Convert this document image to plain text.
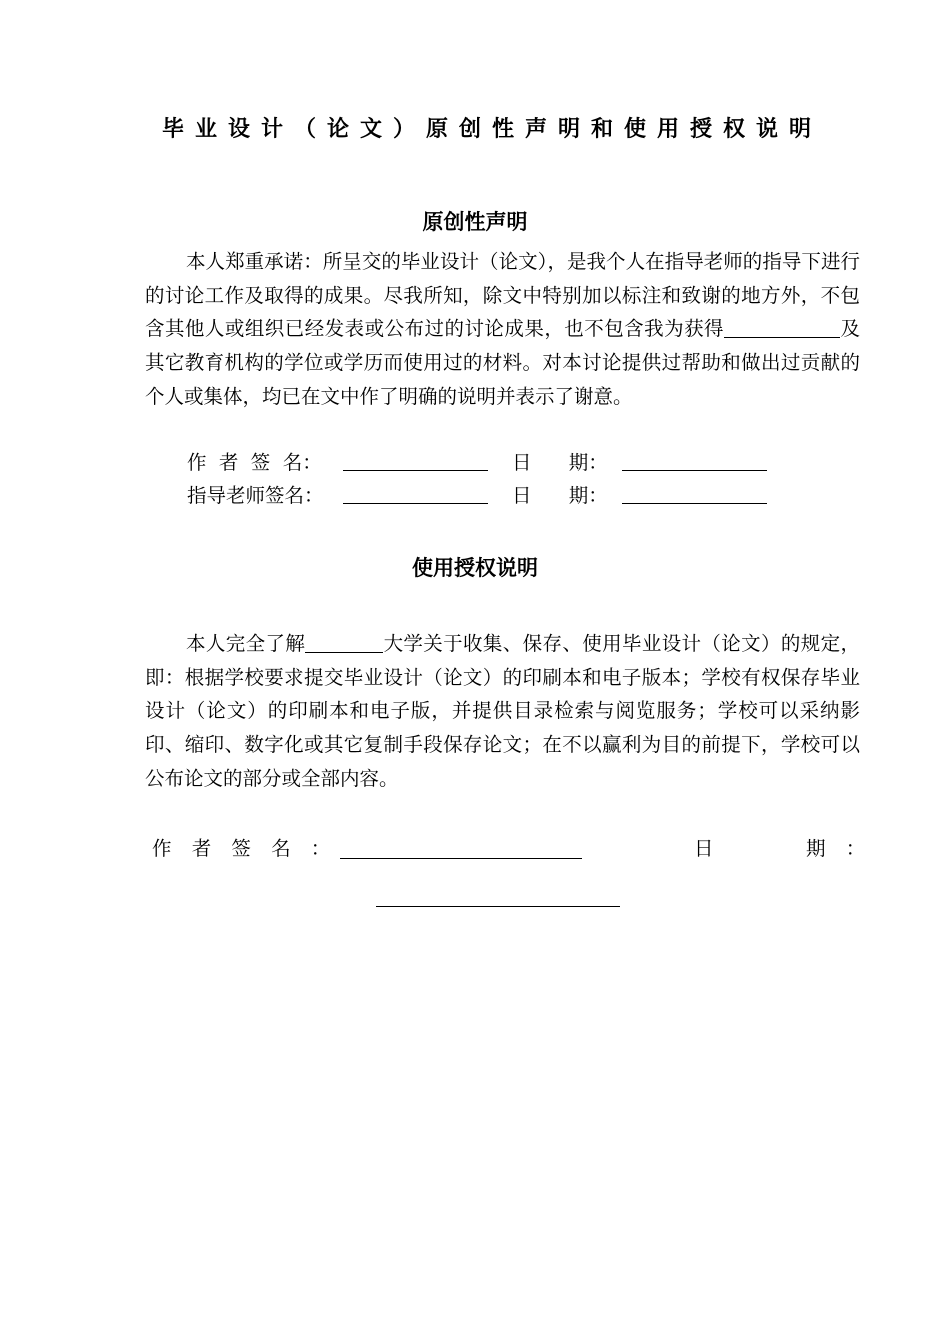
毕业设计（论文）原创性声明和使用授权说明
原创性声明

本人郑重承诺：所呈交的毕业设计（论文），是我个人在指导老师的指导下进行的讨论工作及取得的成果。尽我所知，除文中特别加以标注和致谢的地方外，不包含其他人或组织已经发表或公布过的讨论成果，也不包含我为获得	及其它教育机构的学位或学历而使用过的材料。对本讨论提供过帮助和做出过贡献的个人或集体，均已在文中作了明确的说明并表示了谢意。

作  者  签  名：	日      期：
指导老师签名：	日      期：
使用授权说明

本人完全了解	大学关于收集、保存、使用毕业设计（论文）的规定，即：根据学校要求提交毕业设计（论文）的印刷本和电子版本；学校有权保存毕业设计（论文）的印刷本和电子版，并提供目录检索与阅览服务；学校可以采纳影印、缩印、数字化或其它复制手段保存论文；在不以赢利为目的前提下，学校可以公布论文的部分或全部内容。

作 者 签 名 ：	日	期 ：
